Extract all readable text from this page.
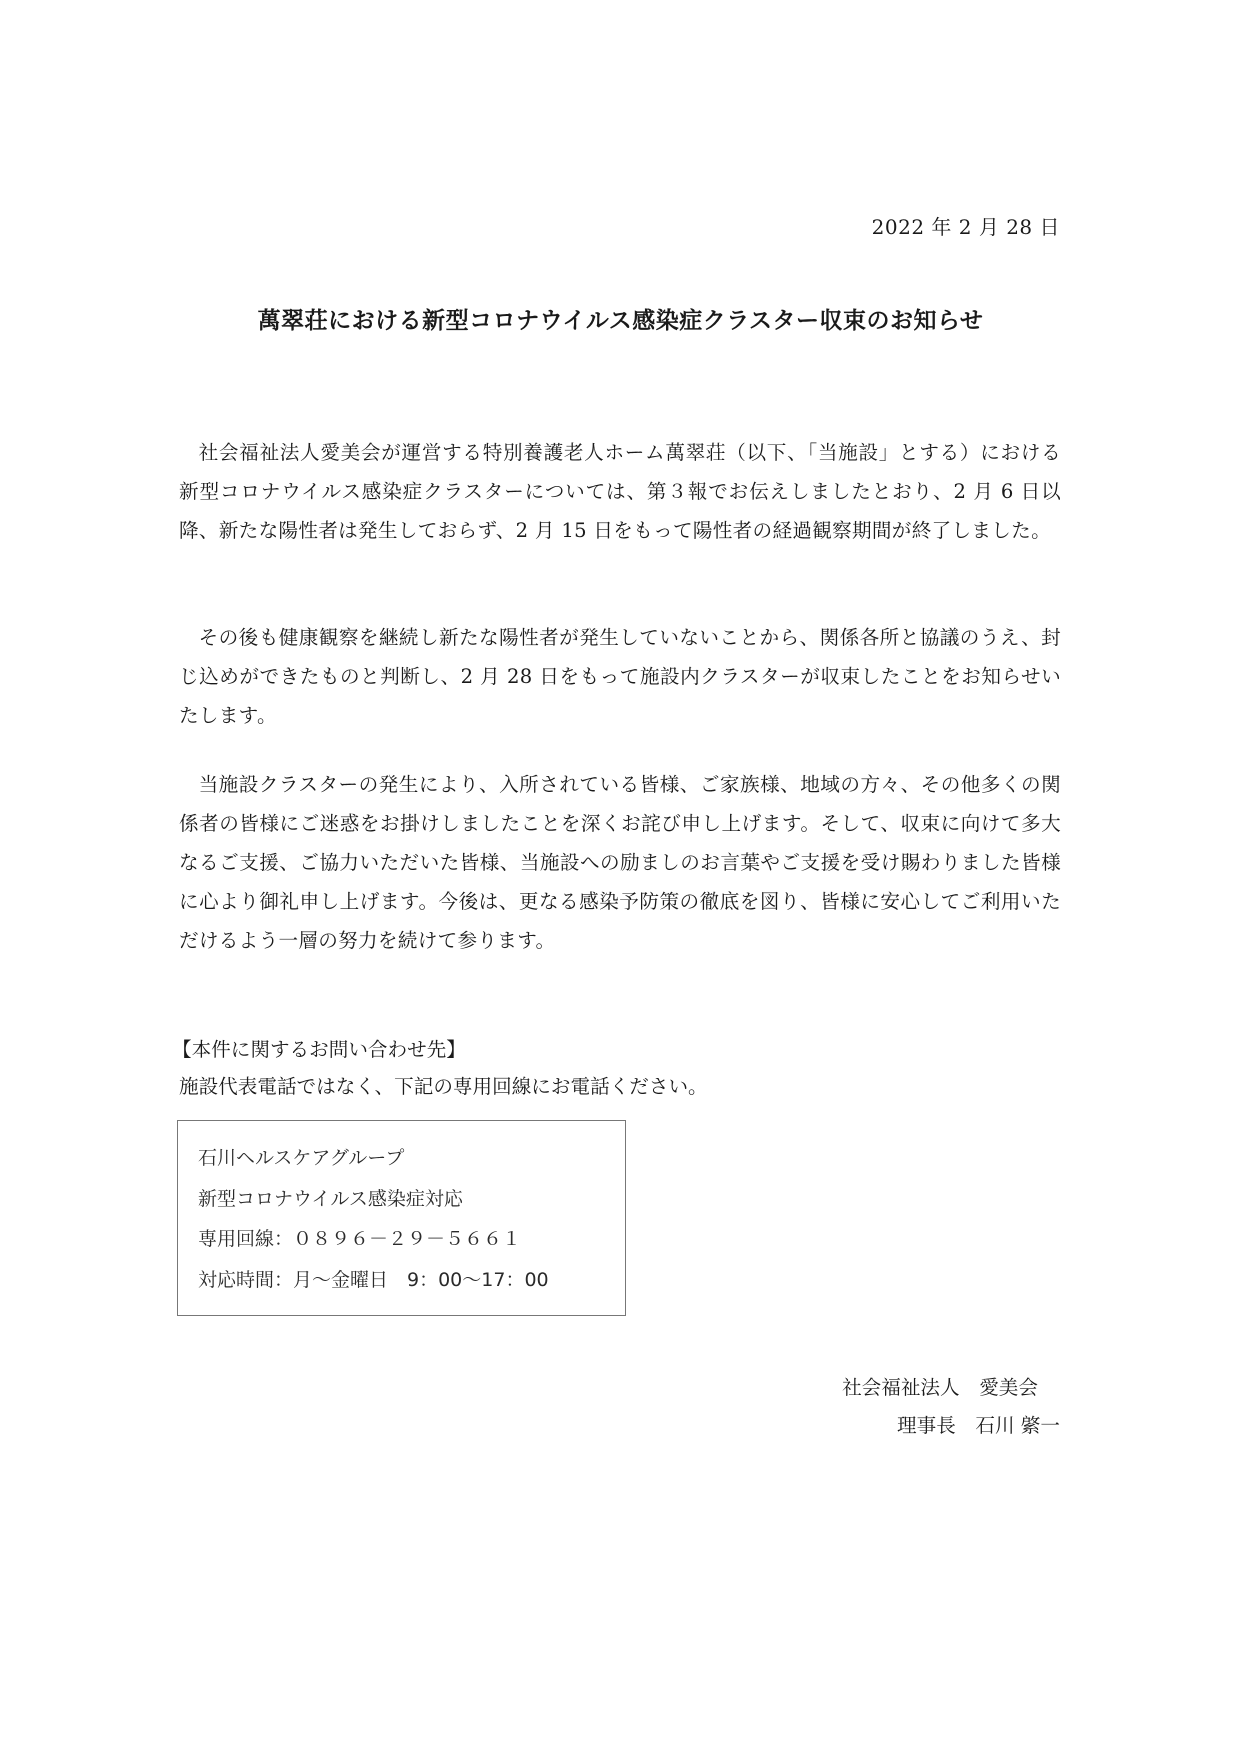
2022 年 2 月 28 日
萬翠荘における新型コロナウイルス感染症クラスター収束のお知らせ

社会福祉法人愛美会が運営する特別養護老人ホーム萬翠荘（以下、「当施設」とする）における新型コロナウイルス感染症クラスターについては、第３報でお伝えしましたとおり、2 月 6 日以降、新たな陽性者は発生しておらず、2 月 15 日をもって陽性者の経過観察期間が終了しました。

その後も健康観察を継続し新たな陽性者が発生していないことから、関係各所と協議のうえ、封じ込めができたものと判断し、2 月 28 日をもって施設内クラスターが収束したことをお知らせいたします。

当施設クラスターの発生により、入所されている皆様、ご家族様、地域の方々、その他多くの関係者の皆様にご迷惑をお掛けしましたことを深くお詫び申し上げます。そして、収束に向けて多大なるご支援、ご協力いただいた皆様、当施設への励ましのお言葉やご支援を受け賜わりました皆様に心より御礼申し上げます。今後は、更なる感染予防策の徹底を図り、皆様に安心してご利用いただけるよう一層の努力を続けて参ります。

【本件に関するお問い合わせ先】
施設代表電話ではなく、下記の専用回線にお電話ください。
石川ヘルスケアグループ
新型コロナウイルス感染症対応
専用回線：０８９６－２９－５６６１
対応時間：月～金曜日　9：00～17：00
社会福祉法人　愛美会
理事長　石川 綮一
